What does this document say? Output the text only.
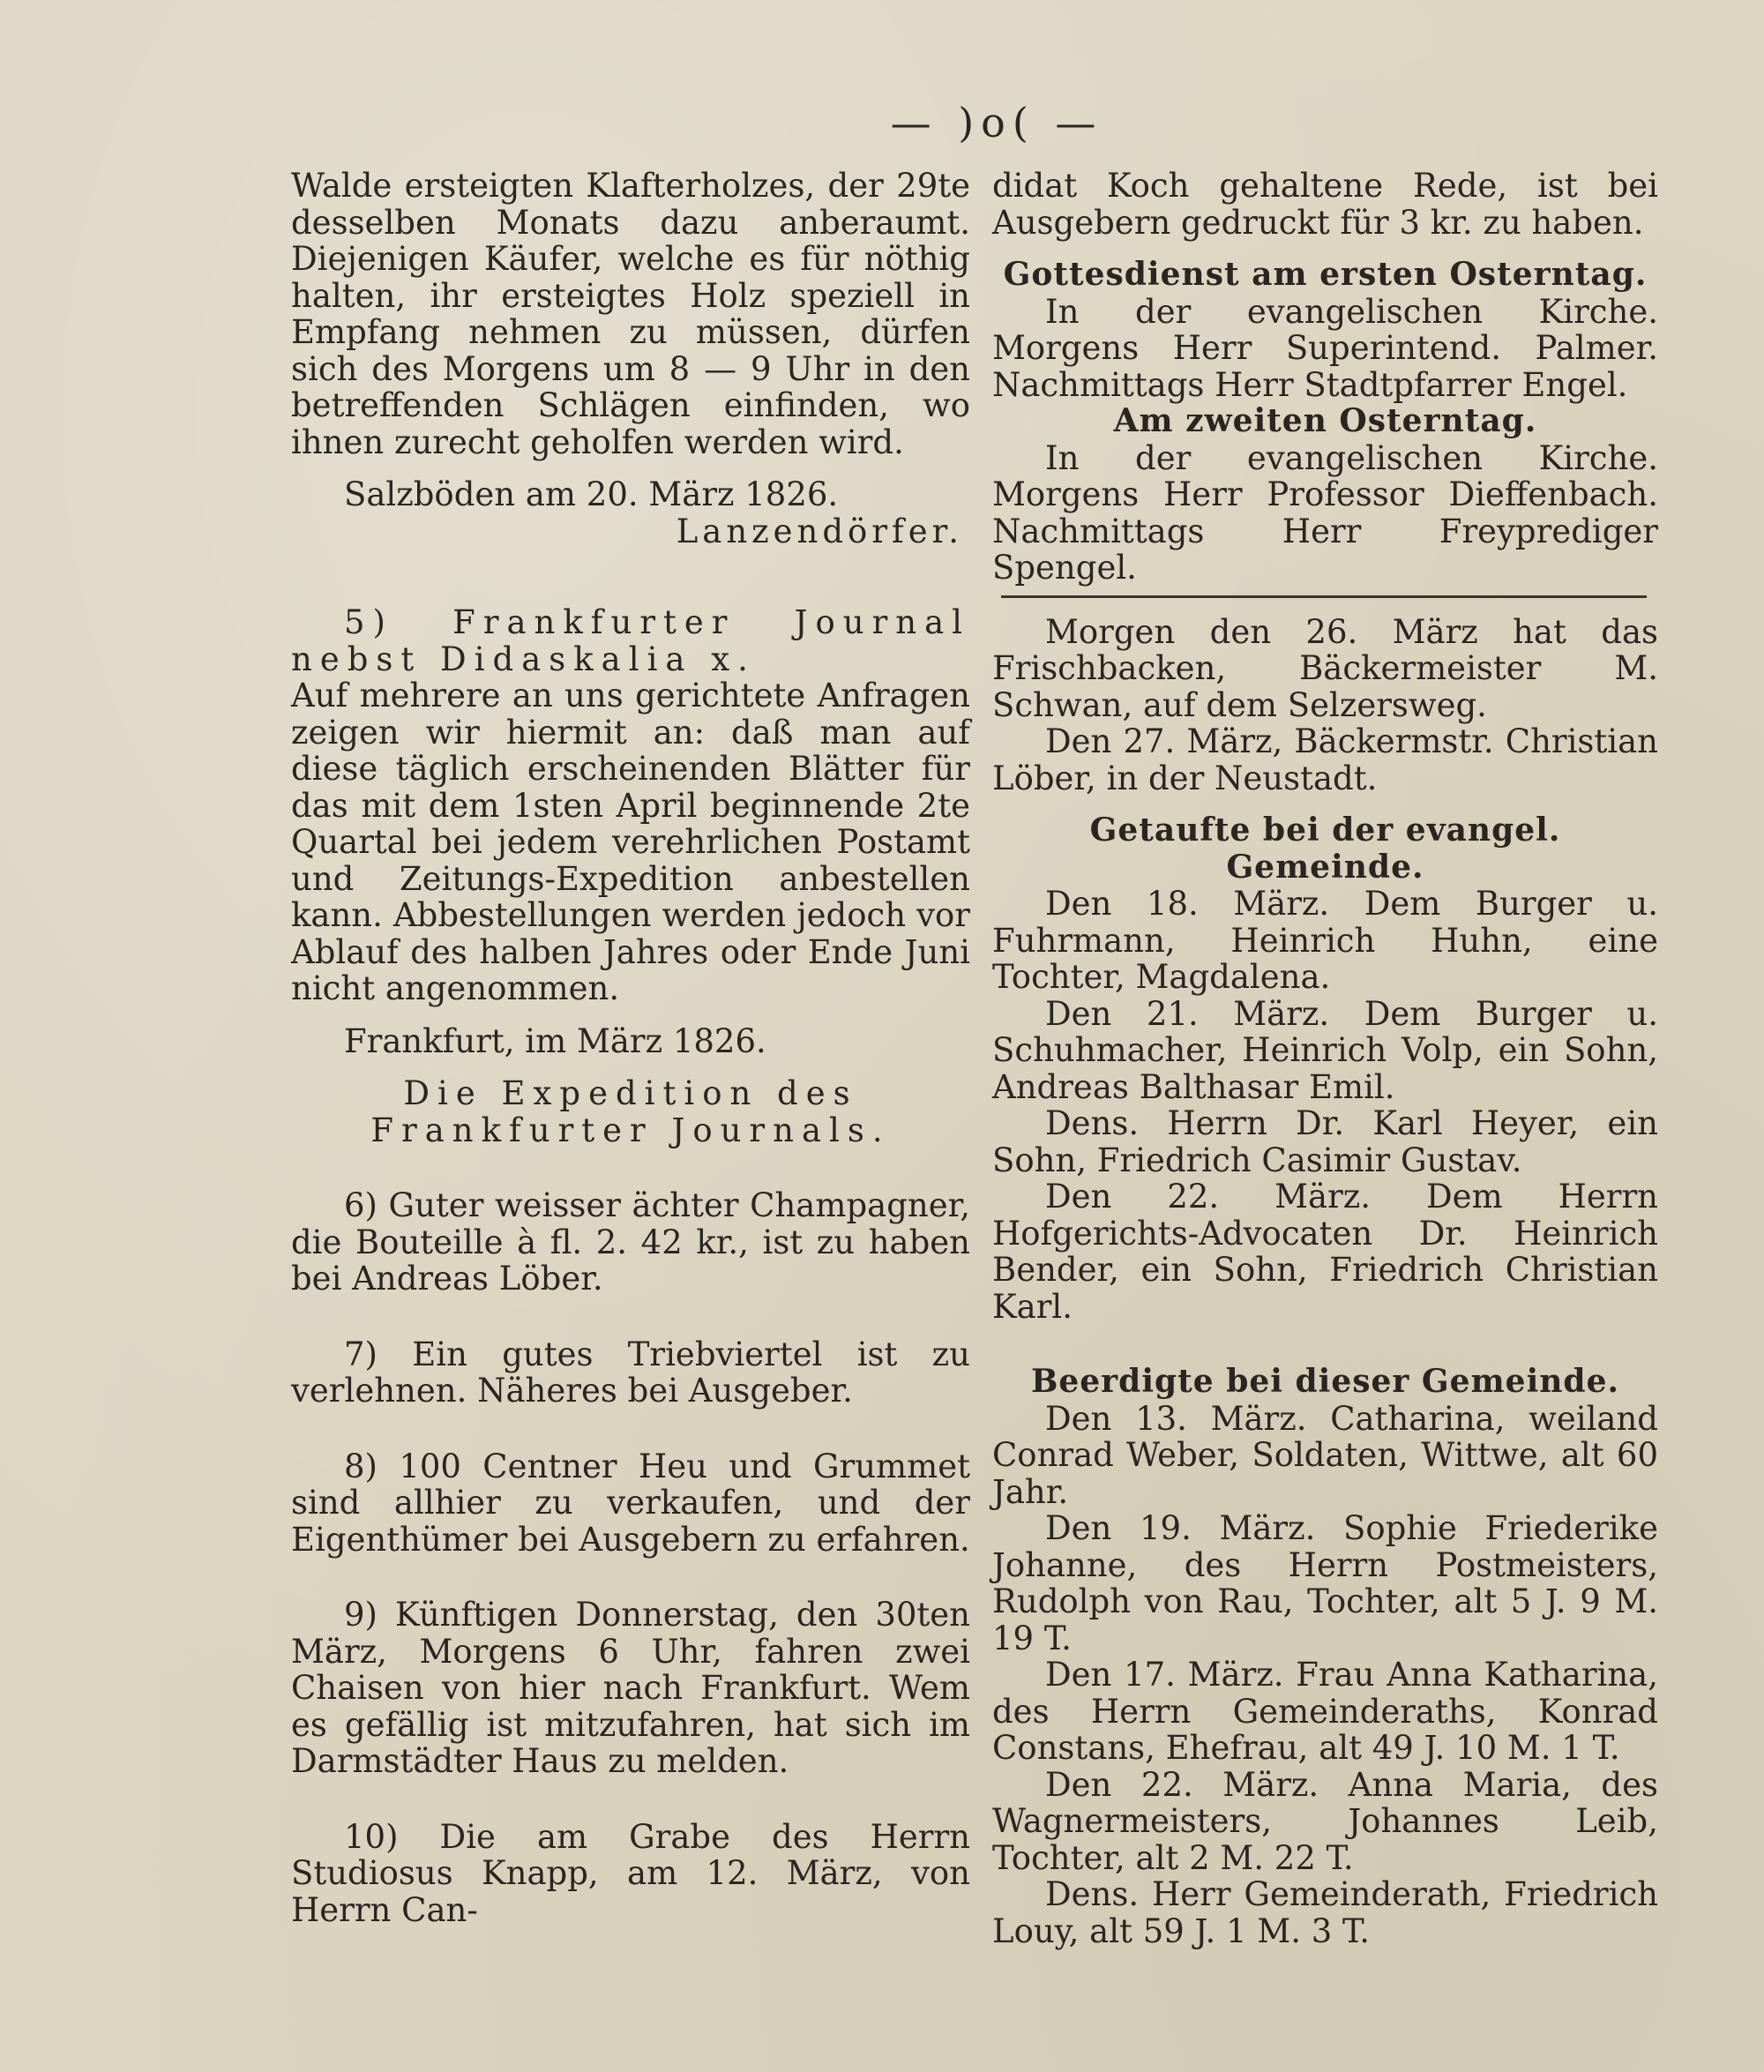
— )o( —

Walde ersteigten Klafterholzes, der 29te desselben Monats dazu anberaumt. Diejenigen Käufer, welche es für nöthig halten, ihr ersteigtes Holz speziell in Empfang nehmen zu müssen, dürfen sich des Morgens um 8 — 9 Uhr in den betreffenden Schlägen einfinden, wo ihnen zurecht geholfen werden wird.

Salzböden am 20. März 1826.

Lanzendörfer.

5) Frankfurter Journal nebst Didaskalia x.

Auf mehrere an uns gerichtete Anfragen zeigen wir hiermit an: daß man auf diese täglich erscheinenden Blätter für das mit dem 1sten April beginnende 2te Quartal bei jedem verehrlichen Postamt und Zeitungs-Expedition anbestellen kann. Abbestellungen werden jedoch vor Ablauf des halben Jahres oder Ende Juni nicht angenommen.

Frankfurt, im März 1826.

Die Expedition des Frankfurter Journals.

6) Guter weisser ächter Champagner, die Bouteille à fl. 2. 42 kr., ist zu haben bei Andreas Löber.

7) Ein gutes Triebviertel ist zu verlehnen. Näheres bei Ausgeber.

8) 100 Centner Heu und Grummet sind allhier zu verkaufen, und der Eigenthümer bei Ausgebern zu erfahren.

9) Künftigen Donnerstag, den 30ten März, Morgens 6 Uhr, fahren zwei Chaisen von hier nach Frankfurt. Wem es gefällig ist mitzufahren, hat sich im Darmstädter Haus zu melden.

10) Die am Grabe des Herrn Studiosus Knapp, am 12. März, von Herrn Can-

didat Koch gehaltene Rede, ist bei Ausgebern gedruckt für 3 kr. zu haben.

Gottesdienst am ersten Osterntag.

In der evangelischen Kirche. Morgens Herr Superintend. Palmer. Nachmittags Herr Stadtpfarrer Engel.

Am zweiten Osterntag.

In der evangelischen Kirche. Morgens Herr Professor Dieffenbach. Nachmittags Herr Freyprediger Spengel.

Morgen den 26. März hat das Frischbacken, Bäckermeister M. Schwan, auf dem Selzersweg.

Den 27. März, Bäckermstr. Christian Löber, in der Neustadt.

Getaufte bei der evangel. Gemeinde.

Den 18. März. Dem Burger u. Fuhrmann, Heinrich Huhn, eine Tochter, Magdalena.

Den 21. März. Dem Burger u. Schuhmacher, Heinrich Volp, ein Sohn, Andreas Balthasar Emil.

Dens. Herrn Dr. Karl Heyer, ein Sohn, Friedrich Casimir Gustav.

Den 22. März. Dem Herrn Hofgerichts-Advocaten Dr. Heinrich Bender, ein Sohn, Friedrich Christian Karl.

Beerdigte bei dieser Gemeinde.

Den 13. März. Catharina, weiland Conrad Weber, Soldaten, Wittwe, alt 60 Jahr.

Den 19. März. Sophie Friederike Johanne, des Herrn Postmeisters, Rudolph von Rau, Tochter, alt 5 J. 9 M. 19 T.

Den 17. März. Frau Anna Katharina, des Herrn Gemeinderaths, Konrad Constans, Ehefrau, alt 49 J. 10 M. 1 T.

Den 22. März. Anna Maria, des Wagnermeisters, Johannes Leib, Tochter, alt 2 M. 22 T.

Dens. Herr Gemeinderath, Friedrich Louy, alt 59 J. 1 M. 3 T.
